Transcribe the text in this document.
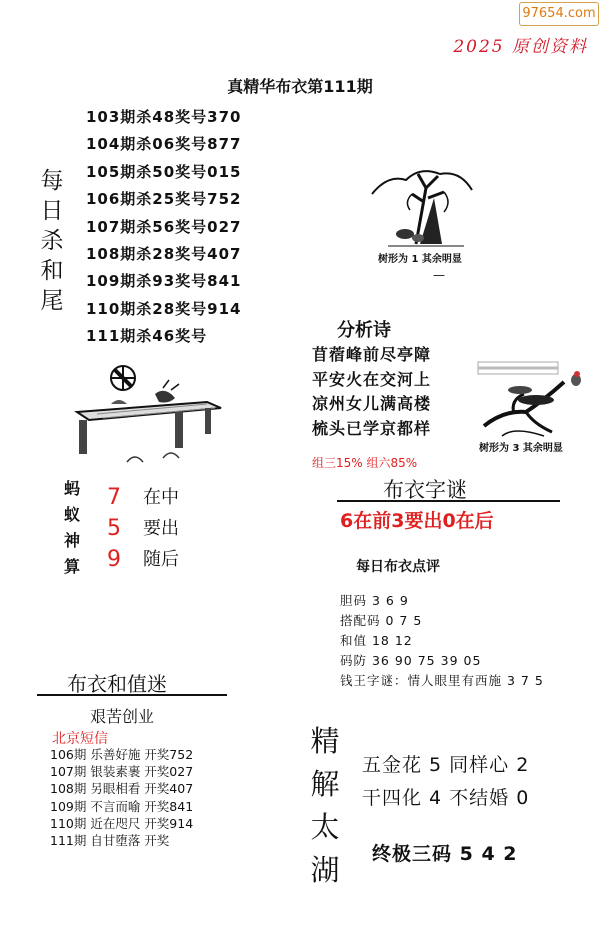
97654.com
2025 原创资料
真精华布衣第111期
每
日
杀
和
尾
103期杀48奖号370
104期杀06奖号877
105期杀50奖号015
106期杀25奖号752
107期杀56奖号027
108期杀28奖号407
109期杀93奖号841
110期杀28奖号914
111期杀46奖号
树形为 1 其余明显
—
分析诗
苜蓿峰前尽亭障
平安火在交河上
凉州女儿满高楼
梳头已学京都样
树形为 3 其余明显
组三15% 组六85%
蚂
蚁
神
算
7
5
9
在中
要出
随后
布衣字谜
6在前3要出0在后
每日布衣点评
胆码 3 6 9
搭配码 0 7 5
和值 18 12
码防 36 90 75 39 05
钱王字谜：情人眼里有西施 3 7 5
布衣和值迷
艰苦创业
北京短信
106期 乐善好施 开奖752
107期 银装素裹 开奖027
108期 另眼相看 开奖407
109期 不言而喻 开奖841
110期 近在咫尺 开奖914
111期 自甘堕落 开奖
精
解
太
湖
五金花 5 同样心 2
干四化 4 不结婚 0
终极三码 5 4 2
